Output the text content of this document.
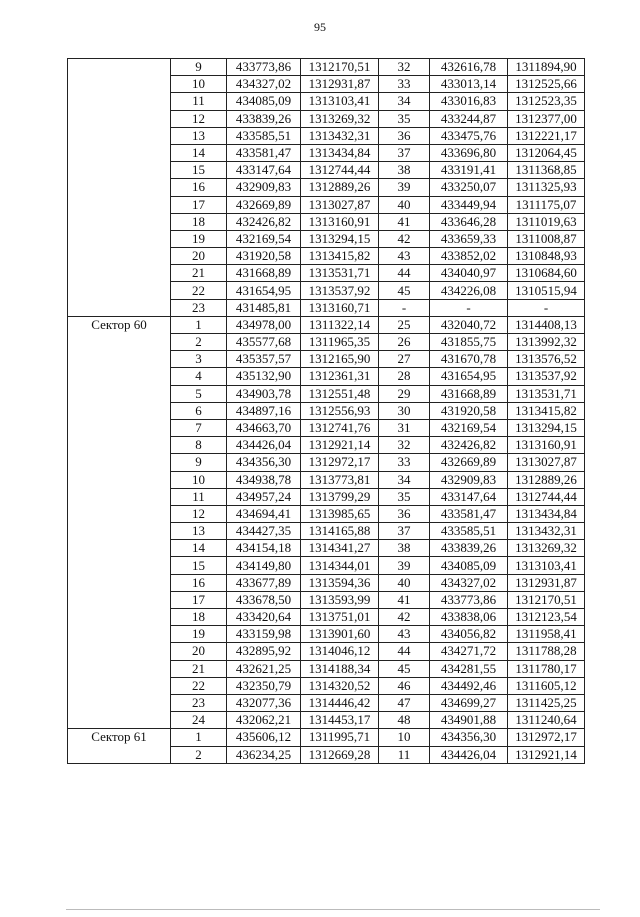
95
	9	433773,86	1312170,51	32	432616,78	1311894,90
	10	434327,02	1312931,87	33	433013,14	1312525,66
	11	434085,09	1313103,41	34	433016,83	1312523,35
	12	433839,26	1313269,32	35	433244,87	1312377,00
	13	433585,51	1313432,31	36	433475,76	1312221,17
	14	433581,47	1313434,84	37	433696,80	1312064,45
	15	433147,64	1312744,44	38	433191,41	1311368,85
	16	432909,83	1312889,26	39	433250,07	1311325,93
	17	432669,89	1313027,87	40	433449,94	1311175,07
	18	432426,82	1313160,91	41	433646,28	1311019,63
	19	432169,54	1313294,15	42	433659,33	1311008,87
	20	431920,58	1313415,82	43	433852,02	1310848,93
	21	431668,89	1313531,71	44	434040,97	1310684,60
	22	431654,95	1313537,92	45	434226,08	1310515,94
	23	431485,81	1313160,71	-	-	-
Сектор 60	1	434978,00	1311322,14	25	432040,72	1314408,13
	2	435577,68	1311965,35	26	431855,75	1313992,32
	3	435357,57	1312165,90	27	431670,78	1313576,52
	4	435132,90	1312361,31	28	431654,95	1313537,92
	5	434903,78	1312551,48	29	431668,89	1313531,71
	6	434897,16	1312556,93	30	431920,58	1313415,82
	7	434663,70	1312741,76	31	432169,54	1313294,15
	8	434426,04	1312921,14	32	432426,82	1313160,91
	9	434356,30	1312972,17	33	432669,89	1313027,87
	10	434938,78	1313773,81	34	432909,83	1312889,26
	11	434957,24	1313799,29	35	433147,64	1312744,44
	12	434694,41	1313985,65	36	433581,47	1313434,84
	13	434427,35	1314165,88	37	433585,51	1313432,31
	14	434154,18	1314341,27	38	433839,26	1313269,32
	15	434149,80	1314344,01	39	434085,09	1313103,41
	16	433677,89	1313594,36	40	434327,02	1312931,87
	17	433678,50	1313593,99	41	433773,86	1312170,51
	18	433420,64	1313751,01	42	433838,06	1312123,54
	19	433159,98	1313901,60	43	434056,82	1311958,41
	20	432895,92	1314046,12	44	434271,72	1311788,28
	21	432621,25	1314188,34	45	434281,55	1311780,17
	22	432350,79	1314320,52	46	434492,46	1311605,12
	23	432077,36	1314446,42	47	434699,27	1311425,25
	24	432062,21	1314453,17	48	434901,88	1311240,64
Сектор 61	1	435606,12	1311995,71	10	434356,30	1312972,17
	2	436234,25	1312669,28	11	434426,04	1312921,14
